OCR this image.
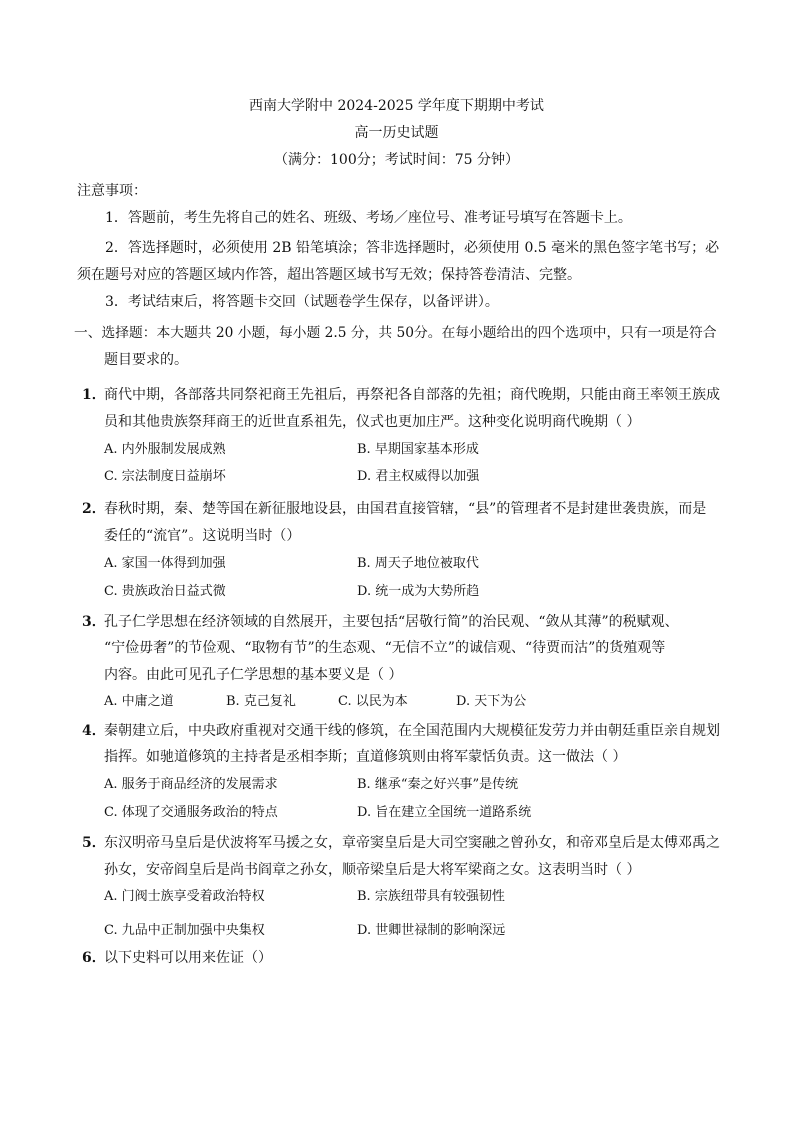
西南大学附中 2024-2025 学年度下期期中考试
高一历史试题
（满分：100分；考试时间：75 分钟）
注意事项：
1．答题前，考生先将自己的姓名、班级、考场／座位号、准考证号填写在答题卡上。
2．答选择题时，必须使用 2B 铅笔填涂；答非选择题时，必须使用 0.5 毫米的黑色签字笔书写；必
须在题号对应的答题区域内作答，超出答题区域书写无效；保持答卷清洁、完整。
3．考试结束后，将答题卡交回（试题卷学生保存，以备评讲）。
一、选择题：本大题共 20 小题，每小题 2.5 分，共 50分。在每小题给出的四个选项中，只有一项是符合
题目要求的。
1．
商代中期，各部落共同祭祀商王先祖后，再祭祀各自部落的先祖；商代晚期，只能由商王率领王族成
员和其他贵族祭拜商王的近世直系祖先，仪式也更加庄严。这种变化说明商代晚期（ ）
A. 内外服制发展成熟	B. 早期国家基本形成
C. 宗法制度日益崩坏	D. 君主权威得以加强
2．
春秋时期，秦、楚等国在新征服地设县，由国君直接管辖，“县”的管理者不是封建世袭贵族，而是
委任的“流官”。这说明当时（）
A. 家国一体得到加强	B. 周天子地位被取代
C. 贵族政治日益式微	D. 统一成为大势所趋
3．
孔子仁学思想在经济领域的自然展开，主要包括“居敬行简”的治民观、“敛从其薄”的税赋观、
“宁俭毋奢”的节俭观、“取物有节”的生态观、“无信不立”的诚信观、“待贾而沽”的货殖观等
内容。由此可见孔子仁学思想的基本要义是（ ）
A. 中庸之道	B. 克己复礼	C. 以民为本	D. 天下为公
4．
秦朝建立后，中央政府重视对交通干线的修筑，在全国范围内大规模征发劳力并由朝廷重臣亲自规划
指挥。如驰道修筑的主持者是丞相李斯；直道修筑则由将军蒙恬负责。这一做法（ ）
A. 服务于商品经济的发展需求	B. 继承“秦之好兴事”是传统
C. 体现了交通服务政治的特点	D. 旨在建立全国统一道路系统
5．
东汉明帝马皇后是伏波将军马援之女，章帝窦皇后是大司空窦融之曾孙女，和帝邓皇后是太傅邓禹之
孙女，安帝阎皇后是尚书阎章之孙女，顺帝梁皇后是大将军梁商之女。这表明当时（ ）
A. 门阀士族享受着政治特权	B. 宗族纽带具有较强韧性
C. 九品中正制加强中央集权	D. 世卿世禄制的影响深远
6．
以下史料可以用来佐证（）
